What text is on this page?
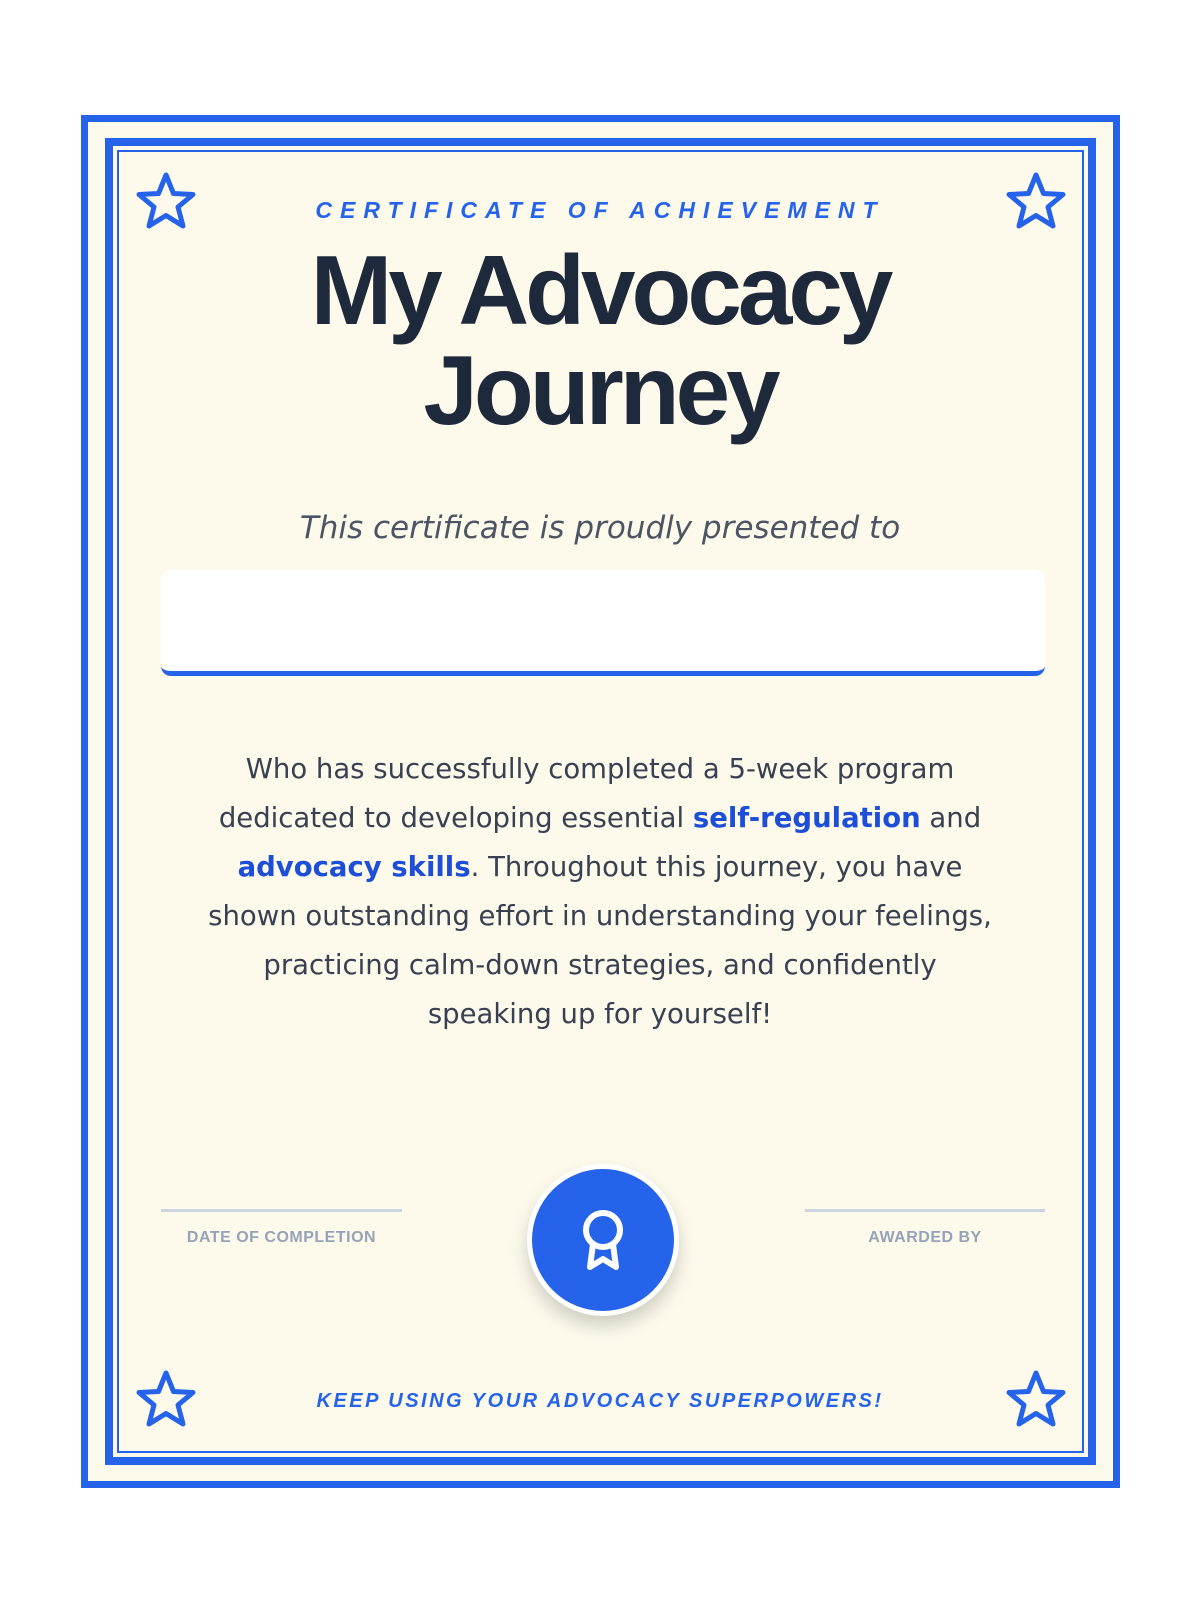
CERTIFICATE OF ACHIEVEMENT
My Advocacy
Journey
This certificate is proudly presented to
Who has successfully completed a 5-week program dedicated to developing essential self-regulation and advocacy skills. Throughout this journey, you have shown outstanding effort in understanding your feelings, practicing calm-down strategies, and confidently speaking up for yourself!
DATE OF COMPLETION	AWARDED BY
KEEP USING YOUR ADVOCACY SUPERPOWERS!
